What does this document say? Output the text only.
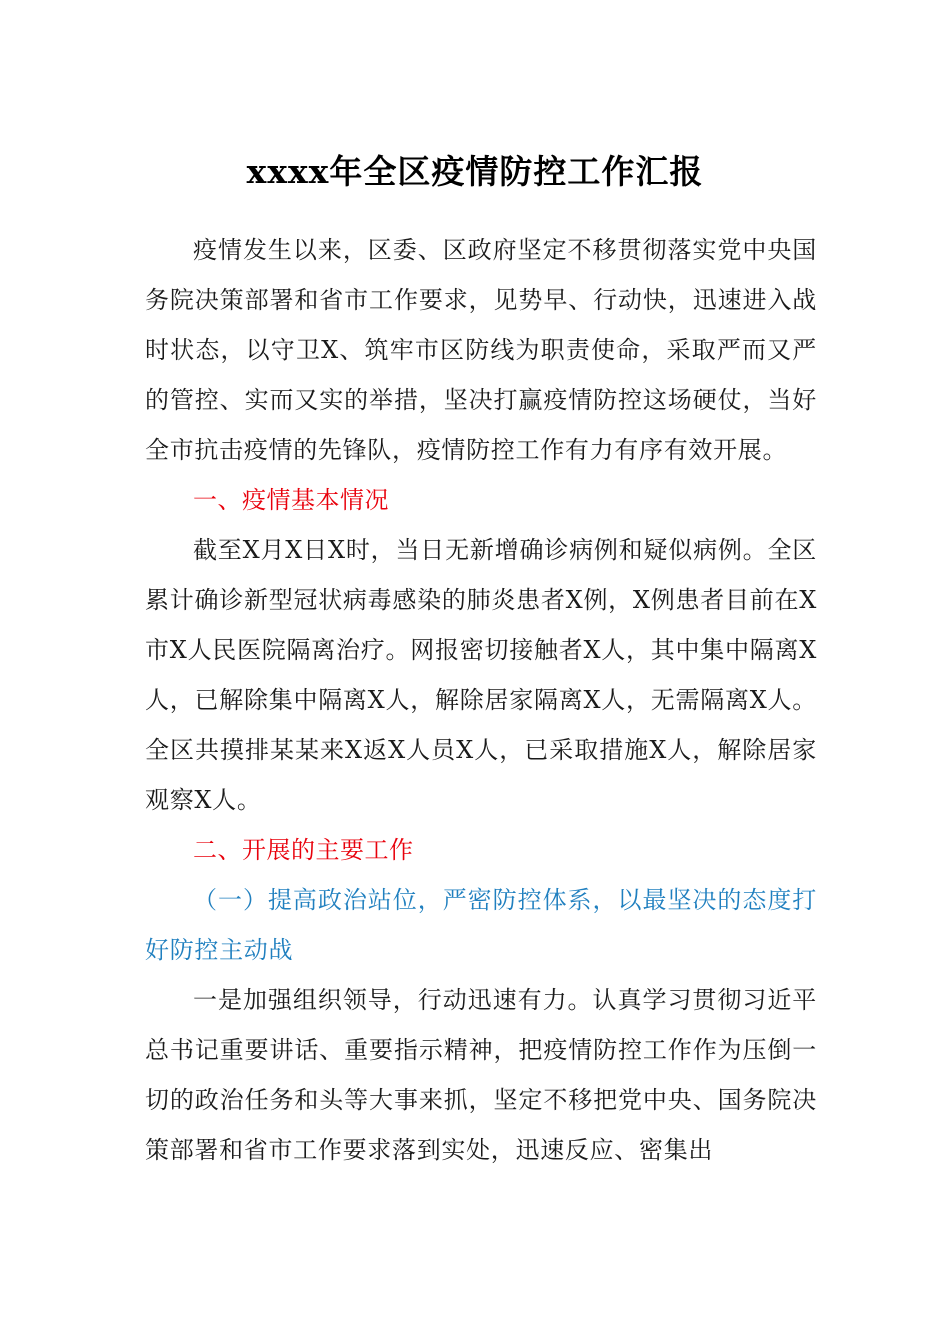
xxxx年全区疫情防控工作汇报

疫情发生以来，区委、区政府坚定不移贯彻落实党中央国务院决策部署和省市工作要求，见势早、行动快，迅速进入战时状态，以守卫X、筑牢市区防线为职责使命，采取严而又严的管控、实而又实的举措，坚决打赢疫情防控这场硬仗，当好全市抗击疫情的先锋队，疫情防控工作有力有序有效开展。

一、疫情基本情况

截至X月X日X时，当日无新增确诊病例和疑似病例。全区累计确诊新型冠状病毒感染的肺炎患者X例，X例患者目前在X市X人民医院隔离治疗。网报密切接触者X人，其中集中隔离X人，已解除集中隔离X人，解除居家隔离X人，无需隔离X人。全区共摸排某某来X返X人员X人，已采取措施X人，解除居家观察X人。

二、开展的主要工作

（一）提高政治站位，严密防控体系，以最坚决的态度打好防控主动战

一是加强组织领导，行动迅速有力。认真学习贯彻习近平总书记重要讲话、重要指示精神，把疫情防控工作作为压倒一切的政治任务和头等大事来抓，坚定不移把党中央、国务院决策部署和省市工作要求落到实处，迅速反应、密集出
